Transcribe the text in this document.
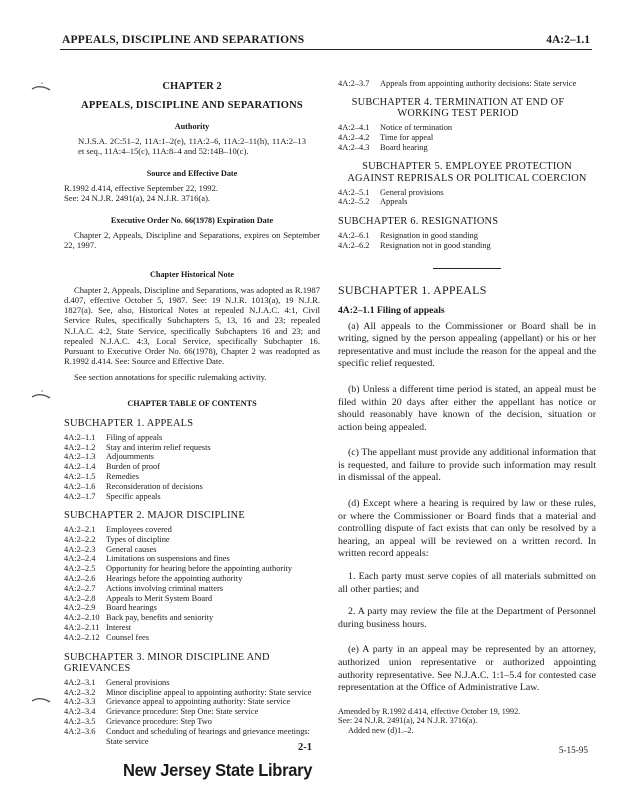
APPEALS, DISCIPLINE AND SEPARATIONS	4A:2–1.1
CHAPTER 2
APPEALS, DISCIPLINE AND SEPARATIONS
Authority
N.J.S.A. 2C:51–2, 11A:1–2(e), 11A:2–6, 11A:2–11(h), 11A:2–13 et seq., 11A:4–15(c), 11A:8–4 and 52:14B–10(c).
Source and Effective Date
R.1992 d.414, effective September 22, 1992.
See: 24 N.J.R. 2491(a), 24 N.J.R. 3716(a).
Executive Order No. 66(1978) Expiration Date
Chapter 2, Appeals, Discipline and Separations, expires on September 22, 1997.
Chapter Historical Note
Chapter 2, Appeals, Discipline and Separations, was adopted as R.1987 d.407, effective October 5, 1987. See: 19 N.J.R. 1013(a), 19 N.J.R. 1827(a). See, also, Historical Notes at repealed N.J.A.C. 4:1, Civil Service Rules, specifically Subchapters 5, 13, 16 and 23; repealed N.J.A.C. 4:2, State Service, specifically Subchapters 16 and 23; and repealed N.J.A.C. 4:3, Local Service, specifically Subchapter 16. Pursuant to Executive Order No. 66(1978), Chapter 2 was readopted as R.1992 d.414. See: Source and Effective Date.
See section annotations for specific rulemaking activity.
CHAPTER TABLE OF CONTENTS
SUBCHAPTER 1. APPEALS
4A:2–1.1	Filing of appeals
4A:2–1.2	Stay and interim relief requests
4A:2–1.3	Adjournments
4A:2–1.4	Burden of proof
4A:2–1.5	Remedies
4A:2–1.6	Reconsideration of decisions
4A:2–1.7	Specific appeals
SUBCHAPTER 2. MAJOR DISCIPLINE
4A:2–2.1	Employees covered
4A:2–2.2	Types of discipline
4A:2–2.3	General causes
4A:2–2.4	Limitations on suspensions and fines
4A:2–2.5	Opportunity for hearing before the appointing authority
4A:2–2.6	Hearings before the appointing authority
4A:2–2.7	Actions involving criminal matters
4A:2–2.8	Appeals to Merit System Board
4A:2–2.9	Board hearings
4A:2–2.10 Back pay, benefits and seniority
4A:2–2.11 Interest
4A:2–2.12 Counsel fees
SUBCHAPTER 3. MINOR DISCIPLINE AND GRIEVANCES
4A:2–3.1	General provisions
4A:2–3.2	Minor discipline appeal to appointing authority: State service
4A:2–3.3	Grievance appeal to appointing authority: State service
4A:2–3.4	Grievance procedure: Step One: State service
4A:2–3.5	Grievance procedure: Step Two
4A:2–3.6	Conduct and scheduling of hearings and grievance meetings: State service
4A:2–3.7	Appeals from appointing authority decisions: State service
SUBCHAPTER 4. TERMINATION AT END OF WORKING TEST PERIOD
4A:2–4.1	Notice of termination
4A:2–4.2	Time for appeal
4A:2–4.3	Board hearing
SUBCHAPTER 5. EMPLOYEE PROTECTION AGAINST REPRISALS OR POLITICAL COERCION
4A:2–5.1	General provisions
4A:2–5.2	Appeals
SUBCHAPTER 6. RESIGNATIONS
4A:2–6.1	Resignation in good standing
4A:2–6.2	Resignation not in good standing
SUBCHAPTER 1. APPEALS
4A:2–1.1 Filing of appeals
(a) All appeals to the Commissioner or Board shall be in writing, signed by the person appealing (appellant) or his or her representative and must include the reason for the appeal and the specific relief requested.
(b) Unless a different time period is stated, an appeal must be filed within 20 days after either the appellant has notice or should reasonably have known of the decision, situation or action being appealed.
(c) The appellant must provide any additional information that is requested, and failure to provide such information may result in dismissal of the appeal.
(d) Except where a hearing is required by law or these rules, or where the Commissioner or Board finds that a material and controlling dispute of fact exists that can only be resolved by a hearing, an appeal will be reviewed on a written record. In written record appeals:
1. Each party must serve copies of all materials submitted on all other parties; and
2. A party may review the file at the Department of Personnel during business hours.
(e) A party in an appeal may be represented by an attorney, authorized union representative or authorized appointing authority representative. See N.J.A.C. 1:1–5.4 for contested case representation at the Office of Administrative Law.
Amended by R.1992 d.414, effective October 19, 1992.
See: 24 N.J.R. 2491(a), 24 N.J.R. 3716(a).
Added new (d)1.–2.
2-1	5-15-95
New Jersey State Library
